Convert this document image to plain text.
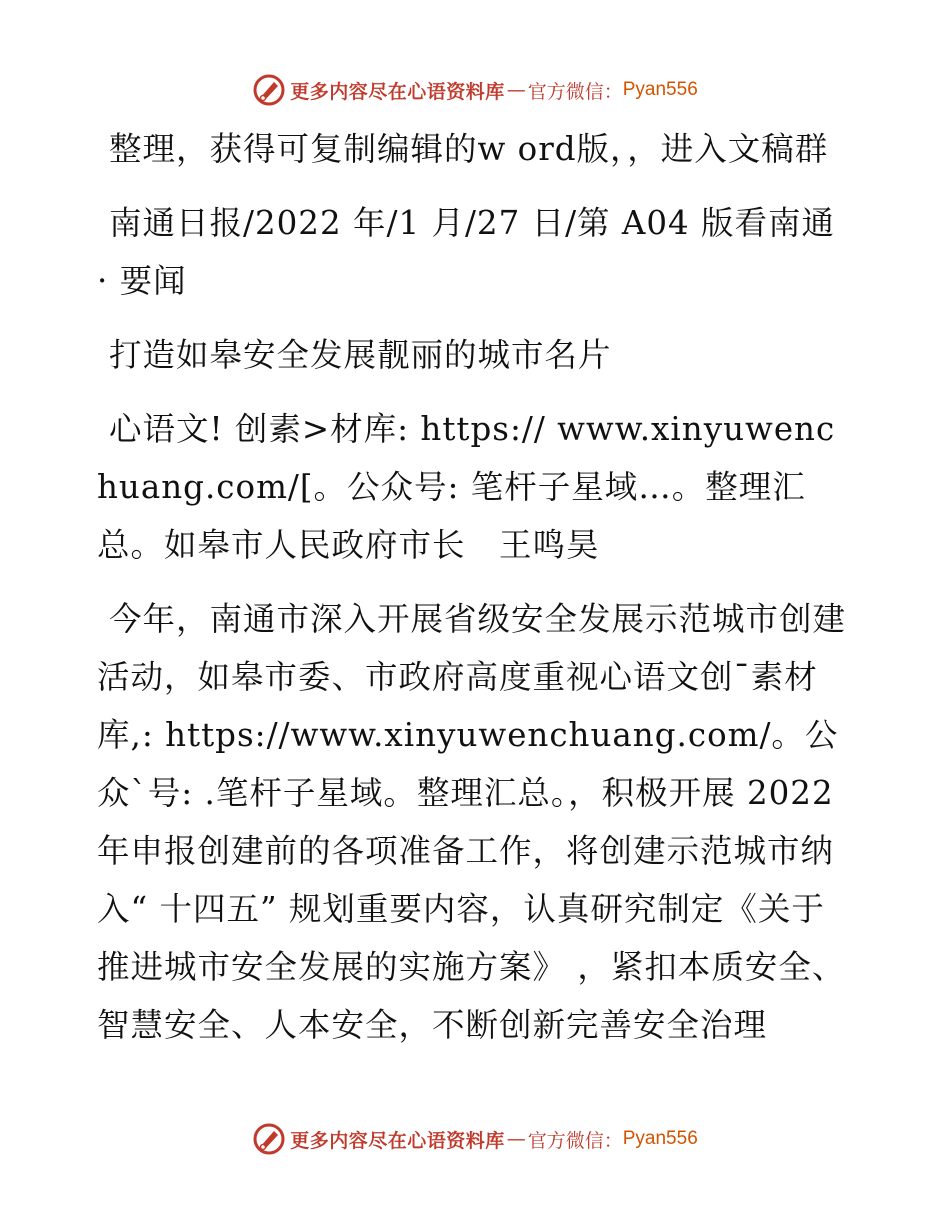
更多内容尽在心语资料库 — 官方微信： Pyan556

整理，获得可复制编辑的w ord版，，进入文稿群

南通日报/2022 年/1 月/27 日/第 A04 版看南通 · 要闻

打造如皋安全发展靓丽的城市名片

心语文! 创素>材库: https:// www.xinyuwenchuang.com/[。公众号: 笔杆子星域…。整理汇总。如皋市人民政府市长　王鸣昊

今年，南通市深入开展省级安全发展示范城市创建活动，如皋市委、市政府高度重视心语文创¯素材库,: https://www.xinyuwenchuang.com/。公众ˋ号: .笔杆子星域。整理汇总。，积极开展 2022 年申报创建前的各项准备工作，将创建示范城市纳入“ 十四五” 规划重要内容，认真研究制定《关于推进城市安全发展的实施方案》 ，紧扣本质安全、智慧安全、人本安全，不断创新完善安全治理

更多内容尽在心语资料库 — 官方微信： Pyan556
